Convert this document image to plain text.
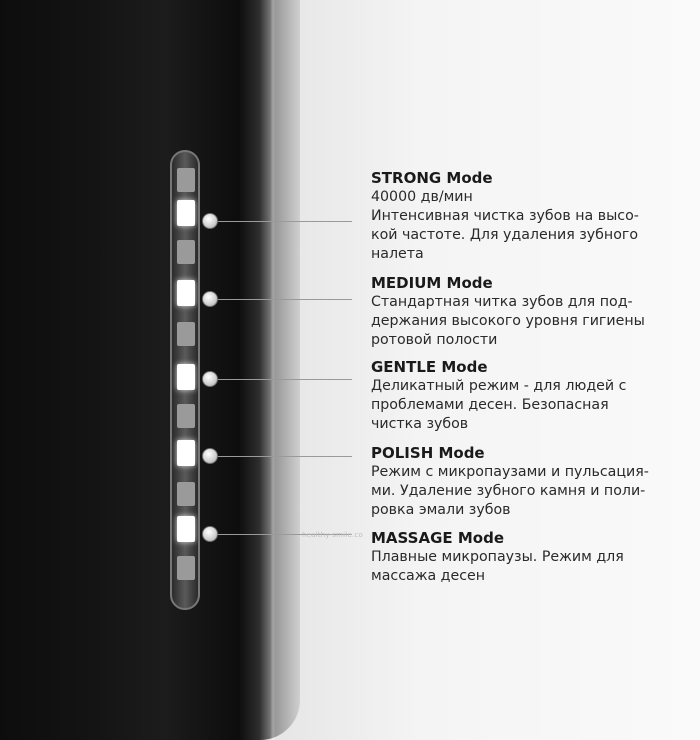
healthy-smile.co
STRONG Mode
40000 дв/мин
Интенсивная чистка зубов на высо-
кой частоте. Для удаления зубного
налета
MEDIUM Mode
Стандартная читка зубов для под-
держания высокого уровня гигиены
ротовой полости
GENTLE Mode
Деликатный режим - для людей с
проблемами десен. Безопасная
чистка зубов
POLISH Mode
Режим с микропаузами и пульсация-
ми. Удаление зубного камня и поли-
ровка эмали зубов
MASSAGE Mode
Плавные микропаузы. Режим для
массажа десен
